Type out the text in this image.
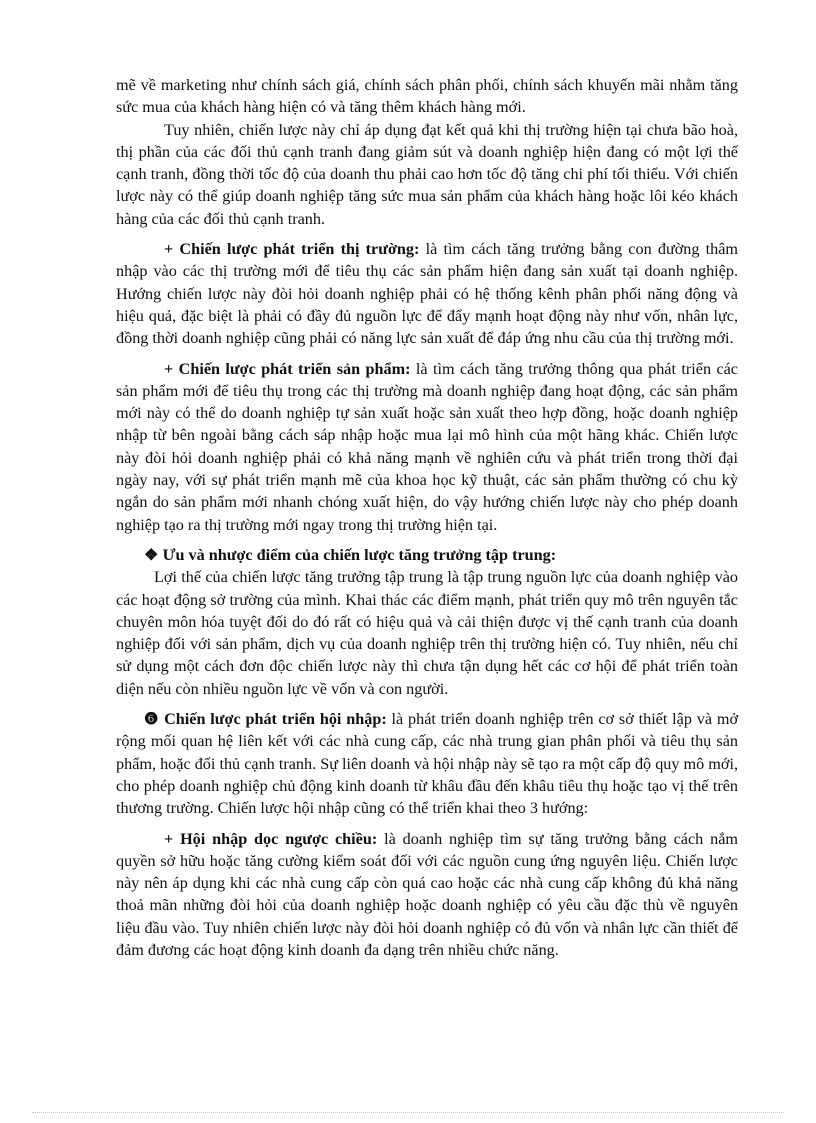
mẽ về marketing như chính sách giá, chính sách phân phối, chính sách khuyến mãi nhằm tăng sức mua của khách hàng hiện có và tăng thêm khách hàng mới.

Tuy nhiên, chiến lược này chỉ áp dụng đạt kết quả khi thị trường hiện tại chưa bão hoà, thị phần của các đối thủ cạnh tranh đang giảm sút và doanh nghiệp hiện đang có một lợi thế cạnh tranh, đồng thời tốc độ của doanh thu phải cao hơn tốc độ tăng chi phí tối thiểu. Với chiến lược này có thể giúp doanh nghiệp tăng sức mua sản phẩm của khách hàng hoặc lôi kéo khách hàng của các đối thủ cạnh tranh.

+ Chiến lược phát triển thị trường: là tìm cách tăng trưởng bằng con đường thâm nhập vào các thị trường mới để tiêu thụ các sản phẩm hiện đang sản xuất tại doanh nghiệp. Hướng chiến lược này đòi hỏi doanh nghiệp phải có hệ thống kênh phân phối năng động và hiệu quả, đặc biệt là phải có đầy đủ nguồn lực để đẩy mạnh hoạt động này như vốn, nhân lực, đồng thời doanh nghiệp cũng phải có năng lực sản xuất để đáp ứng nhu cầu của thị trường mới.

+ Chiến lược phát triển sản phẩm: là tìm cách tăng trưởng thông qua phát triển các sản phẩm mới để tiêu thụ trong các thị trường mà doanh nghiệp đang hoạt động, các sản phẩm mới này có thể do doanh nghiệp tự sản xuất hoặc sản xuất theo hợp đồng, hoặc doanh nghiệp nhập từ bên ngoài bằng cách sáp nhập hoặc mua lại mô hình của một hãng khác. Chiến lược này đòi hỏi doanh nghiệp phải có khả năng mạnh về nghiên cứu và phát triển trong thời đại ngày nay, với sự phát triển mạnh mẽ của khoa học kỹ thuật, các sản phẩm thường có chu kỳ ngắn do sản phẩm mới nhanh chóng xuất hiện, do vậy hướng chiến lược này cho phép doanh nghiệp tạo ra thị trường mới ngay trong thị trường hiện tại.

❖ Ưu và nhược điểm của chiến lược tăng trưởng tập trung:

Lợi thế của chiến lược tăng trưởng tập trung là tập trung nguồn lực của doanh nghiệp vào các hoạt động sở trường của mình. Khai thác các điểm mạnh, phát triển quy mô trên nguyên tắc chuyên môn hóa tuyệt đối do đó rất có hiệu quả và cải thiện được vị thế cạnh tranh của doanh nghiệp đối với sản phẩm, dịch vụ của doanh nghiệp trên thị trường hiện có. Tuy nhiên, nếu chỉ sử dụng một cách đơn độc chiến lược này thì chưa tận dụng hết các cơ hội để phát triển toàn diện nếu còn nhiều nguồn lực về vốn và con người.

❻ Chiến lược phát triển hội nhập: là phát triển doanh nghiệp trên cơ sở thiết lập và mở rộng mối quan hệ liên kết với các nhà cung cấp, các nhà trung gian phân phối và tiêu thụ sản phẩm, hoặc đối thủ cạnh tranh. Sự liên doanh và hội nhập này sẽ tạo ra một cấp độ quy mô mới, cho phép doanh nghiệp chủ động kinh doanh từ khâu đầu đến khâu tiêu thụ hoặc tạo vị thế trên thương trường. Chiến lược hội nhập cũng có thể triển khai theo 3 hướng:

+ Hội nhập dọc ngược chiều: là doanh nghiệp tìm sự tăng trưởng bằng cách nắm quyền sở hữu hoặc tăng cường kiểm soát đối với các nguồn cung ứng nguyên liệu. Chiến lược này nên áp dụng khi các nhà cung cấp còn quá cao hoặc các nhà cung cấp không đủ khả năng thoả mãn những đòi hỏi của doanh nghiệp hoặc doanh nghiệp có yêu cầu đặc thù về nguyên liệu đầu vào. Tuy nhiên chiến lược này đòi hỏi doanh nghiệp có đủ vốn và nhân lực cần thiết để đảm đương các hoạt động kinh doanh đa dạng trên nhiều chức năng.
